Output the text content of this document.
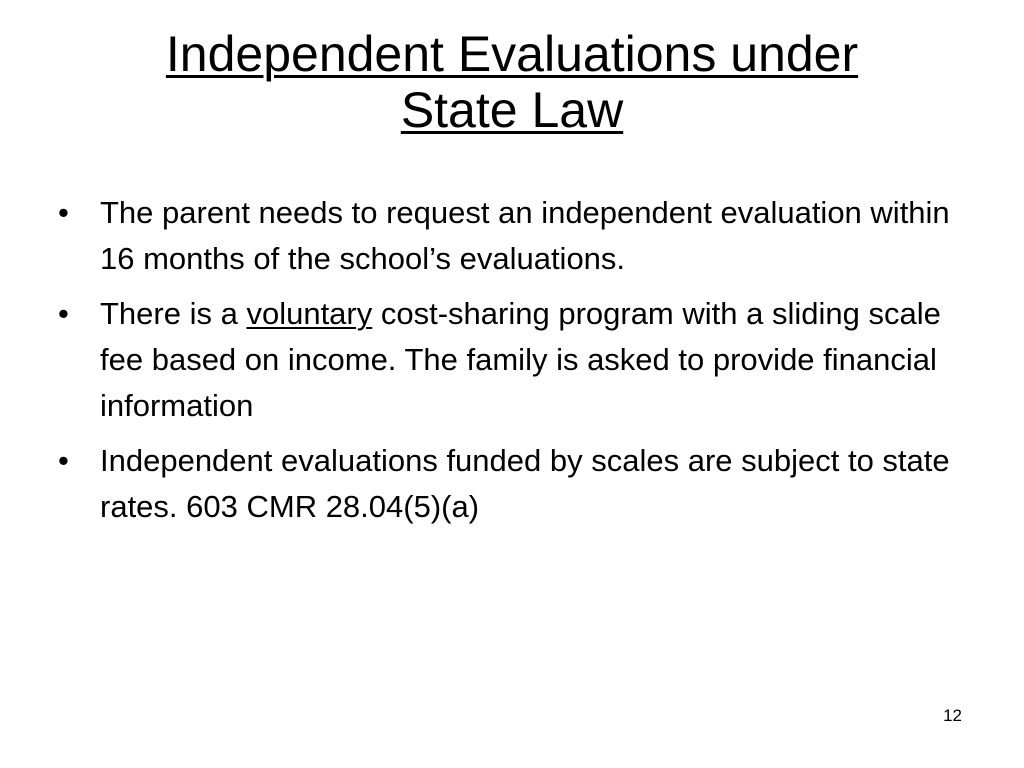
Independent Evaluations under
State Law
• The parent needs to request an independent evaluation within 16 months of the school’s evaluations.
• There is a voluntary cost-sharing program with a sliding scale fee based on income. The family is asked to provide financial information
• Independent evaluations funded by scales are subject to state rates. 603 CMR 28.04(5)(a)
12
